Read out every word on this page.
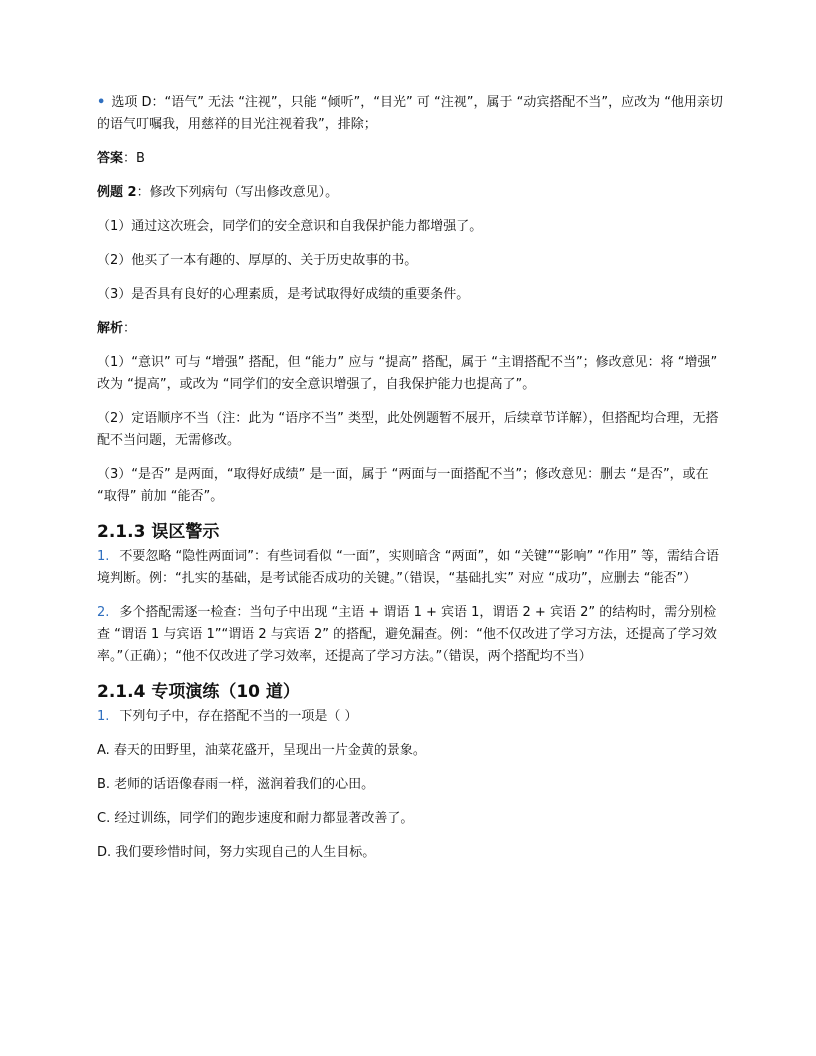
• 选项 D：“语气” 无法 “注视”，只能 “倾听”，“目光” 可 “注视”，属于 “动宾搭配不当”，应改为 “他用亲切的语气叮嘱我，用慈祥的目光注视着我”，排除；

答案：B

例题 2：修改下列病句（写出修改意见）。

（1）通过这次班会，同学们的安全意识和自我保护能力都增强了。

（2）他买了一本有趣的、厚厚的、关于历史故事的书。

（3）是否具有良好的心理素质，是考试取得好成绩的重要条件。

解析：

（1）“意识” 可与 “增强” 搭配，但 “能力” 应与 “提高” 搭配，属于 “主谓搭配不当”；修改意见：将 “增强” 改为 “提高”，或改为 “同学们的安全意识增强了，自我保护能力也提高了”。

（2）定语顺序不当（注：此为 “语序不当” 类型，此处例题暂不展开，后续章节详解），但搭配均合理，无搭配不当问题，无需修改。

（3）“是否” 是两面，“取得好成绩” 是一面，属于 “两面与一面搭配不当”；修改意见：删去 “是否”，或在 “取得” 前加 “能否”。

2.1.3 误区警示

1. 不要忽略 “隐性两面词”：有些词看似 “一面”，实则暗含 “两面”，如 “关键”“影响” “作用” 等，需结合语境判断。例：“扎实的基础，是考试能否成功的关键。”（错误，“基础扎实” 对应 “成功”，应删去 “能否”）

2. 多个搭配需逐一检查：当句子中出现 “主语 + 谓语 1 + 宾语 1，谓语 2 + 宾语 2” 的结构时，需分别检查 “谓语 1 与宾语 1”“谓语 2 与宾语 2” 的搭配，避免漏查。例：“他不仅改进了学习方法，还提高了学习效率。”（正确）；“他不仅改进了学习效率，还提高了学习方法。”（错误，两个搭配均不当）

2.1.4 专项演练（10 道）

1. 下列句子中，存在搭配不当的一项是（ ）

A. 春天的田野里，油菜花盛开，呈现出一片金黄的景象。

B. 老师的话语像春雨一样，滋润着我们的心田。

C. 经过训练，同学们的跑步速度和耐力都显著改善了。

D. 我们要珍惜时间，努力实现自己的人生目标。
